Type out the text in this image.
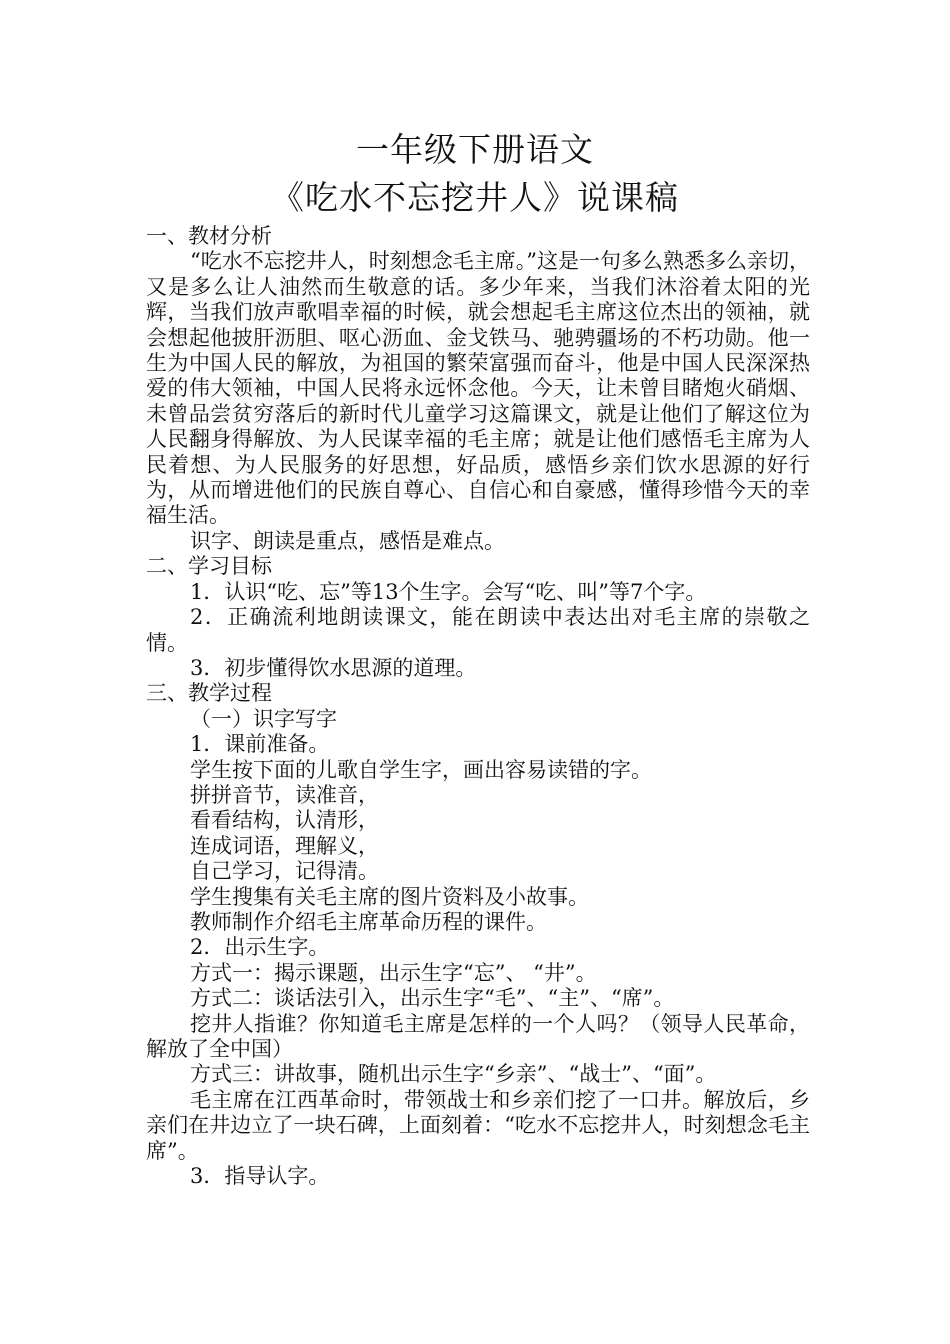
一年级下册语文
《吃水不忘挖井人》说课稿
一、教材分析

“吃水不忘挖井人，时刻想念毛主席。”这是一句多么熟悉多么亲切，又是多么让人油然而生敬意的话。多少年来，当我们沐浴着太阳的光辉，当我们放声歌唱幸福的时候，就会想起毛主席这位杰出的领袖，就会想起他披肝沥胆、呕心沥血、金戈铁马、驰骋疆场的不朽功勋。他一生为中国人民的解放，为祖国的繁荣富强而奋斗，他是中国人民深深热爱的伟大领袖，中国人民将永远怀念他。今天，让未曾目睹炮火硝烟、未曾品尝贫穷落后的新时代儿童学习这篇课文，就是让他们了解这位为人民翻身得解放、为人民谋幸福的毛主席；就是让他们感悟毛主席为人民着想、为人民服务的好思想，好品质，感悟乡亲们饮水思源的好行为，从而增进他们的民族自尊心、自信心和自豪感，懂得珍惜今天的幸福生活。

识字、朗读是重点，感悟是难点。

二、学习目标

1．认识“吃、忘”等13个生字。会写“吃、叫”等7个字。

2．正确流利地朗读课文，能在朗读中表达出对毛主席的崇敬之情。

3．初步懂得饮水思源的道理。

三、教学过程

（一）识字写字

1．课前准备。

学生按下面的儿歌自学生字，画出容易读错的字。

拼拼音节，读准音，

看看结构，认清形，

连成词语，理解义，

自己学习，记得清。

学生搜集有关毛主席的图片资料及小故事。

教师制作介绍毛主席革命历程的课件。

2．出示生字。

方式一：揭示课题，出示生字“忘”、 “井”。

方式二：谈话法引入，出示生字“毛”、“主”、“席”。

挖井人指谁？你知道毛主席是怎样的一个人吗？（领导人民革命，解放了全中国）

方式三：讲故事，随机出示生字“乡亲”、“战士”、“面”。

毛主席在江西革命时，带领战士和乡亲们挖了一口井。解放后，乡亲们在井边立了一块石碑，上面刻着：“吃水不忘挖井人，时刻想念毛主席”。

3．指导认字。
